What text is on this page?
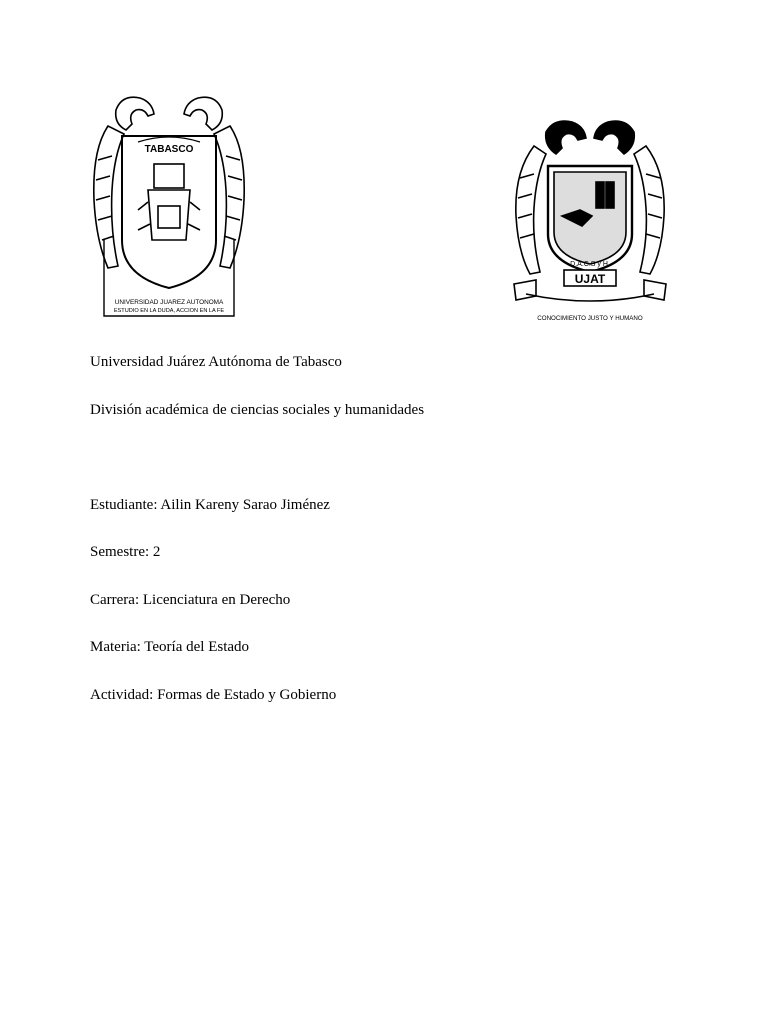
TABASCO
UNIVERSIDAD JUAREZ AUTONOMA
ESTUDIO EN LA DUDA, ACCION EN LA FE
UJAT
D.A.C.S y H.
CONOCIMIENTO JUSTO Y HUMANO
Universidad Juárez Autónoma de Tabasco
División académica de ciencias sociales y humanidades
Estudiante: Ailin Kareny Sarao Jiménez
Semestre: 2
Carrera: Licenciatura en Derecho
Materia: Teoría del Estado
Actividad: Formas de Estado y Gobierno
